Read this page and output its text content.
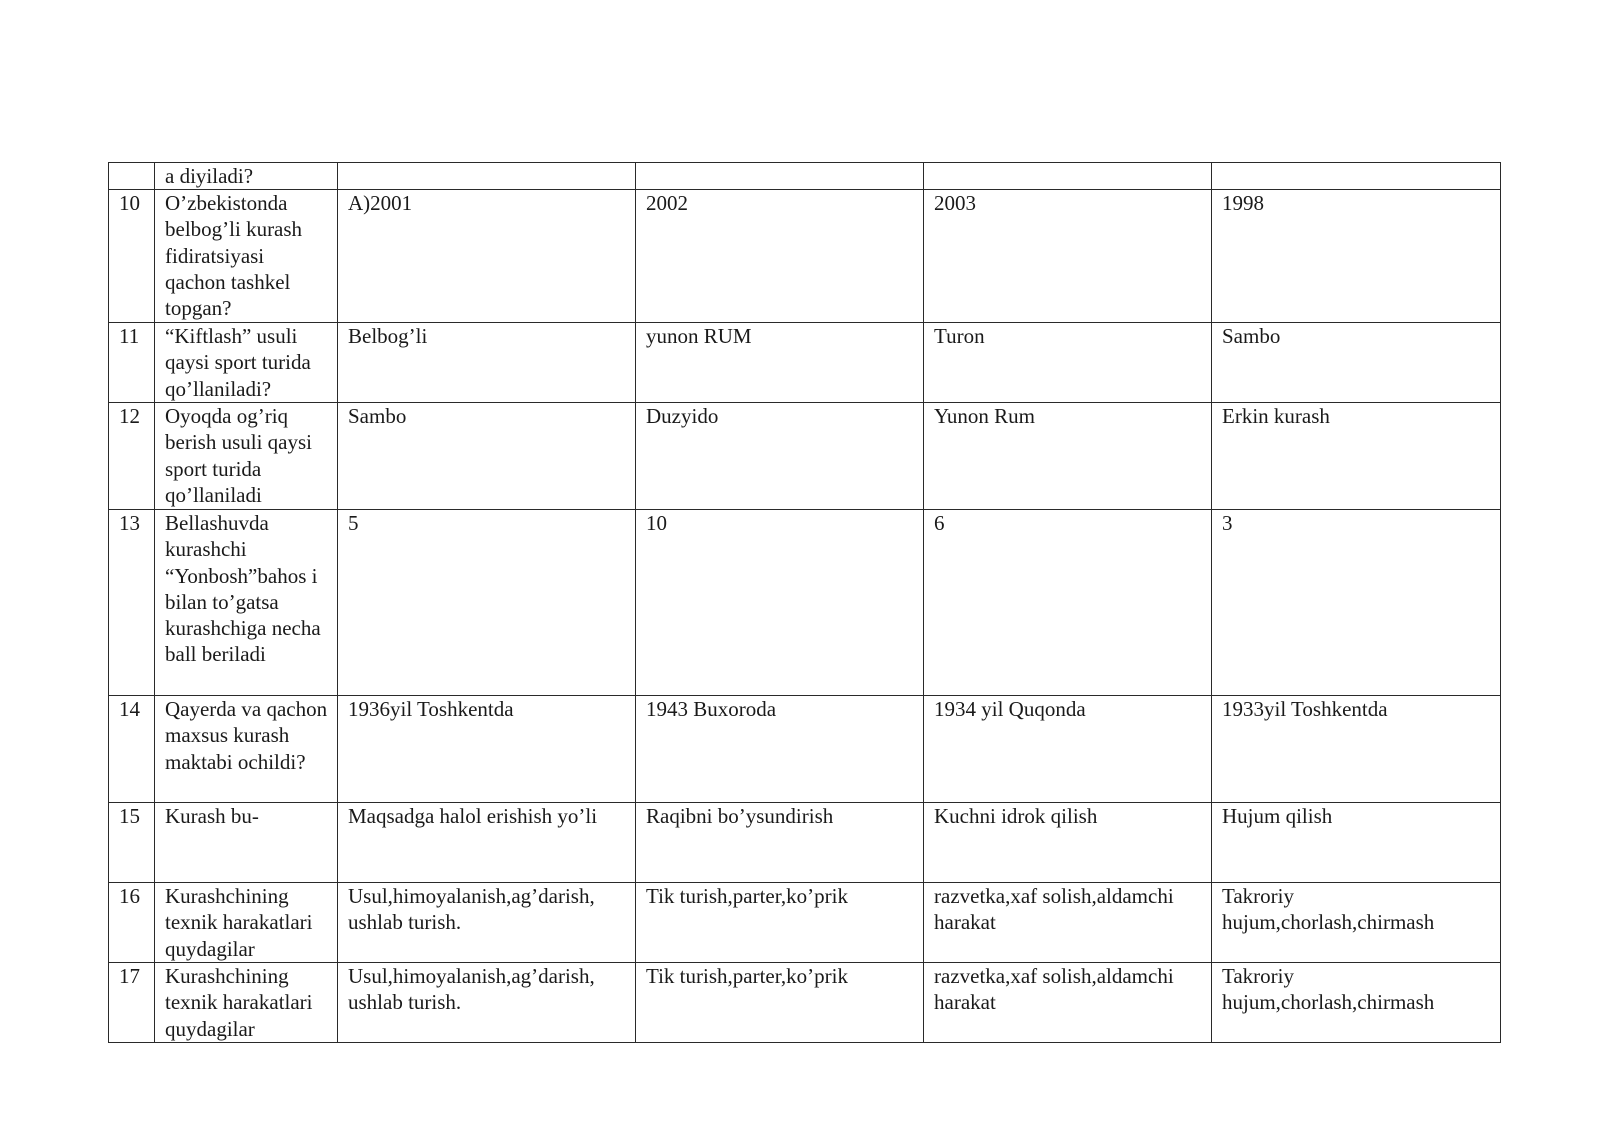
	a diyiladi?				
10	O’zbekistonda belbog’li kurash fidiratsiyasi qachon tashkel topgan?	A)2001	2002	2003	1998
11	“Kiftlash” usuli qaysi sport turida qo’llaniladi?	Belbog’li	yunon RUM	Turon	Sambo
12	Oyoqda og’riq berish usuli qaysi sport turida qo’llaniladi	Sambo	Duzyido	Yunon Rum	Erkin kurash
13	Bellashuvda kurashchi “Yonbosh”bahos i bilan to’gatsa kurashchiga necha ball beriladi	5	10	6	3
14	Qayerda va qachon maxsus kurash maktabi ochildi?	1936yil Toshkentda	1943 Buxoroda	1934 yil Quqonda	1933yil Toshkentda
15	Kurash bu-	Maqsadga halol erishish yo’li	Raqibni bo’ysundirish	Kuchni idrok qilish	Hujum qilish
16	Kurashchining texnik harakatlari quydagilar	Usul,himoyalanish,ag’darish, ushlab turish.	Tik turish,parter,ko’prik	razvetka,xaf solish,aldamchi harakat	Takroriy hujum,chorlash,chirmash
17	Kurashchining texnik harakatlari quydagilar	Usul,himoyalanish,ag’darish, ushlab turish.	Tik turish,parter,ko’prik	razvetka,xaf solish,aldamchi harakat	Takroriy hujum,chorlash,chirmash
